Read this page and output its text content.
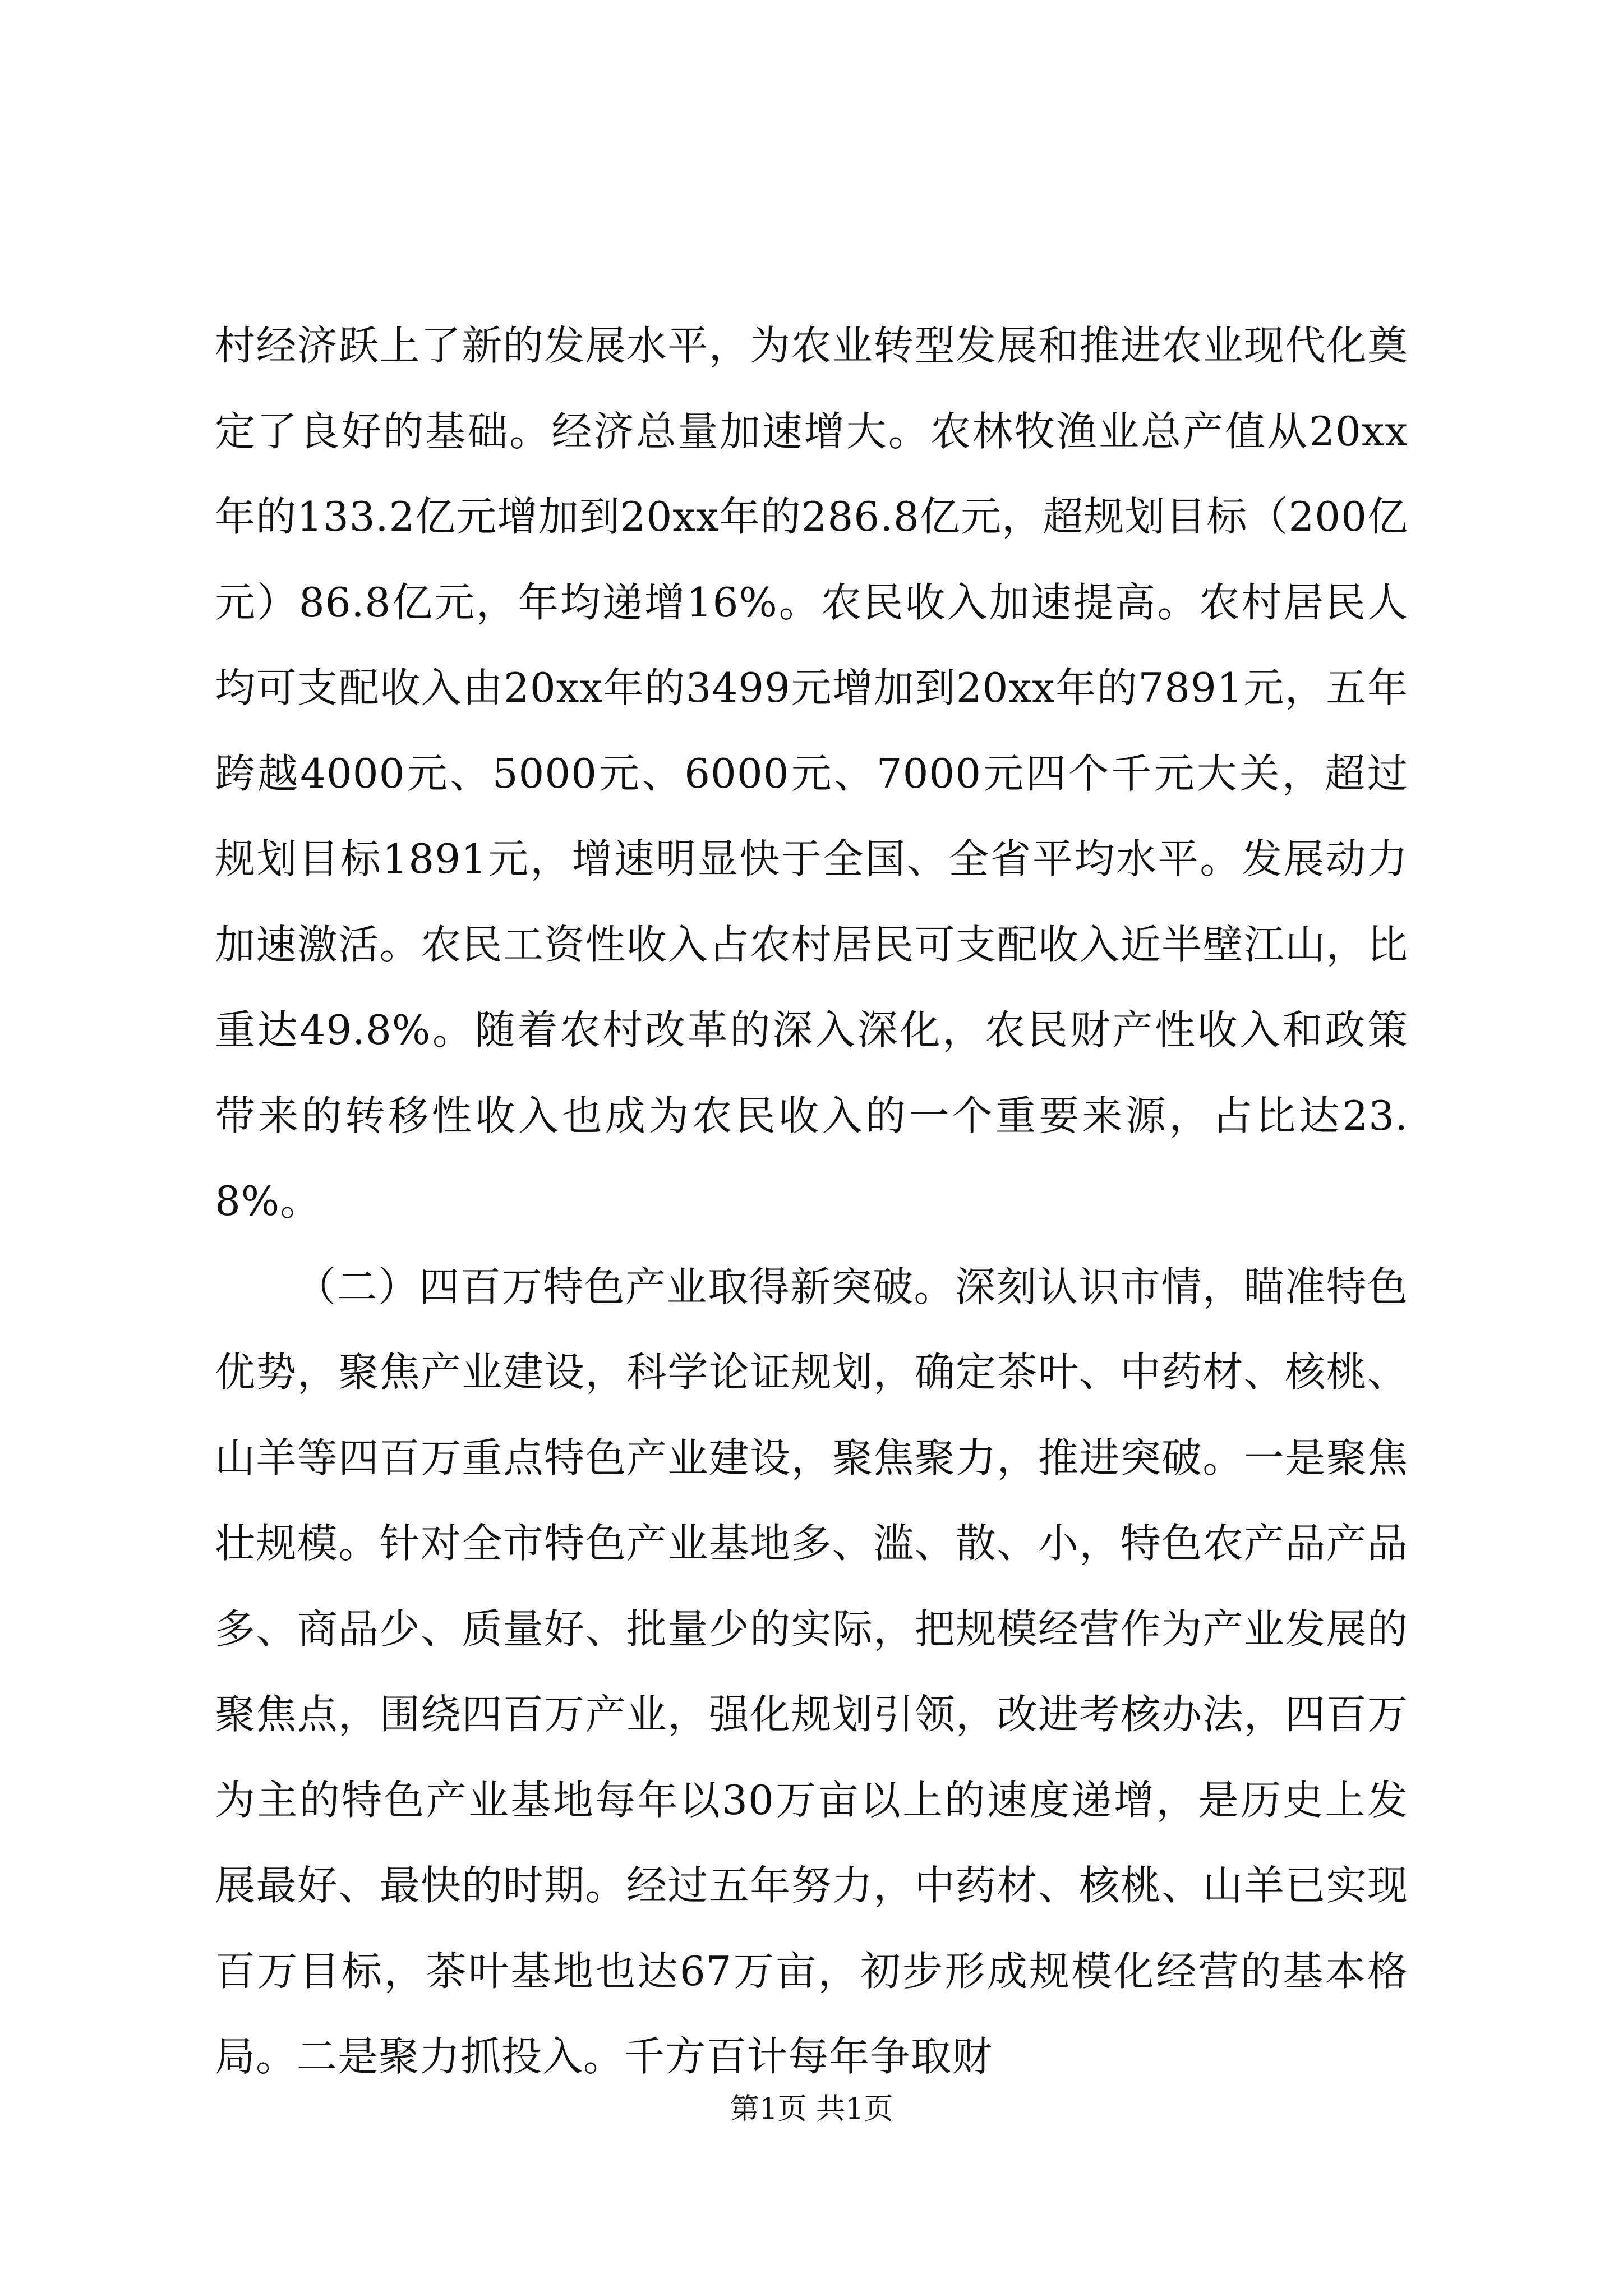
村经济跃上了新的发展水平，为农业转型发展和推进农业现代化奠定了良好的基础。经济总量加速增大。农林牧渔业总产值从20xx年的133.2亿元增加到20xx年的286.8亿元，超规划目标（200亿元）86.8亿元，年均递增16%。农民收入加速提高。农村居民人均可支配收入由20xx年的3499元增加到20xx年的7891元，五年跨越4000元、5000元、6000元、7000元四个千元大关，超过规划目标1891元，增速明显快于全国、全省平均水平。发展动力加速激活。农民工资性收入占农村居民可支配收入近半壁江山，比重达49.8%。随着农村改革的深入深化，农民财产性收入和政策带来的转移性收入也成为农民收入的一个重要来源，占比达23.8%。

（二）四百万特色产业取得新突破。深刻认识市情，瞄准特色优势，聚焦产业建设，科学论证规划，确定茶叶、中药材、核桃、山羊等四百万重点特色产业建设，聚焦聚力，推进突破。一是聚焦壮规模。针对全市特色产业基地多、滥、散、小，特色农产品产品多、商品少、质量好、批量少的实际，把规模经营作为产业发展的聚焦点，围绕四百万产业，强化规划引领，改进考核办法，四百万为主的特色产业基地每年以30万亩以上的速度递增，是历史上发展最好、最快的时期。经过五年努力，中药材、核桃、山羊已实现百万目标，茶叶基地也达67万亩，初步形成规模化经营的基本格局。二是聚力抓投入。千方百计每年争取财

第1页 共1页
